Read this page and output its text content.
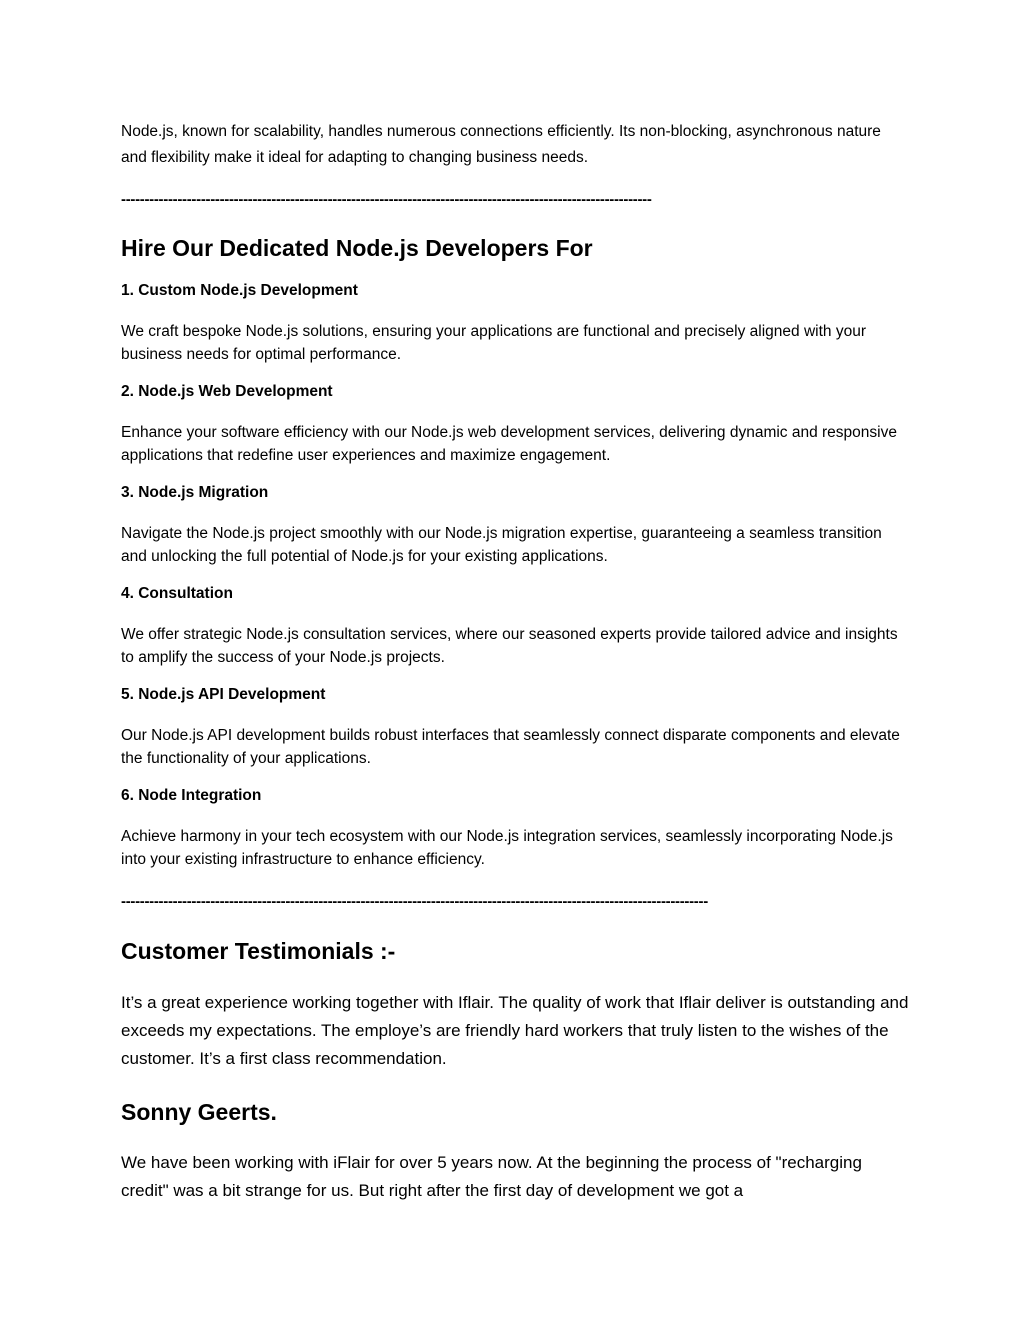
Node.js, known for scalability, handles numerous connections efficiently. Its non-blocking, asynchronous nature and flexibility make it ideal for adapting to changing business needs.

-----------------------------------------------------------------------------------------------------------------

Hire Our Dedicated Node.js Developers For

1. Custom Node.js Development

We craft bespoke Node.js solutions, ensuring your applications are functional and precisely aligned with your business needs for optimal performance.

2. Node.js Web Development

Enhance your software efficiency with our Node.js web development services, delivering dynamic and responsive applications that redefine user experiences and maximize engagement.

3. Node.js Migration

Navigate the Node.js project smoothly with our Node.js migration expertise, guaranteeing a seamless transition and unlocking the full potential of Node.js for your existing applications.

4. Consultation

We offer strategic Node.js consultation services, where our seasoned experts provide tailored advice and insights to amplify the success of your Node.js projects.

5. Node.js API Development

Our Node.js API development builds robust interfaces that seamlessly connect disparate components and elevate the functionality of your applications.

6. Node Integration

Achieve harmony in your tech ecosystem with our Node.js integration services, seamlessly incorporating Node.js into your existing infrastructure to enhance efficiency.

-----------------------------------------------------------------------------------------------------------------------------

Customer Testimonials :-

It’s a great experience working together with Iflair. The quality of work that Iflair deliver is outstanding and exceeds my expectations. The employe’s are friendly hard workers that truly listen to the wishes of the customer. It’s a first class recommendation.

Sonny Geerts.

We have been working with iFlair for over 5 years now. At the beginning the process of "recharging credit" was a bit strange for us. But right after the first day of development we got a
